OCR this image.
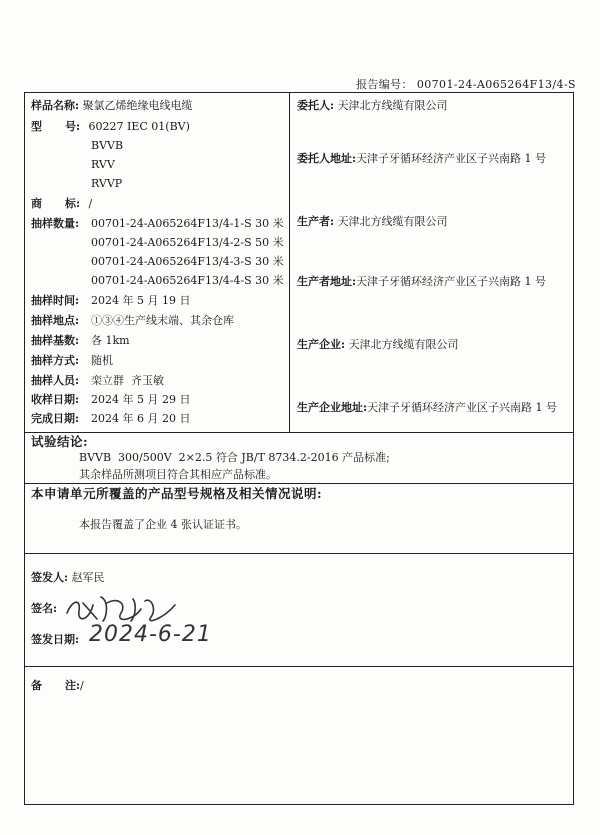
报告编号： 00701-24-A065264F13/4-S
样品名称: 聚氯乙烯绝缘电线电缆
型      号: 60227 IEC 01(BV)
BVVB
RVV
RVVP
商      标: /
抽样数量: 00701-24-A065264F13/4-1-S 30 米
00701-24-A065264F13/4-2-S 50 米
00701-24-A065264F13/4-3-S 30 米
00701-24-A065264F13/4-4-S 30 米
抽样时间: 2024 年 5 月 19 日
抽样地点: ①③④生产线末端、其余仓库
抽样基数: 各 1km
抽样方式: 随机
抽样人员: 栾立群  齐玉敏
收样日期: 2024 年 5 月 29 日
完成日期: 2024 年 6 月 20 日
委托人: 天津北方线缆有限公司
委托人地址:天津子牙循环经济产业区子兴南路 1 号
生产者: 天津北方线缆有限公司
生产者地址:天津子牙循环经济产业区子兴南路 1 号
生产企业: 天津北方线缆有限公司
生产企业地址:天津子牙循环经济产业区子兴南路 1 号
试验结论:
BVVB  300/500V  2×2.5 符合 JB/T 8734.2-2016 产品标准;
其余样品所测项目符合其相应产品标准。
本申请单元所覆盖的产品型号规格及相关情况说明:
本报告覆盖了企业 4 张认证证书。
签发人: 赵军民
签名:
签发日期: 2024-6-21
备      注:/
